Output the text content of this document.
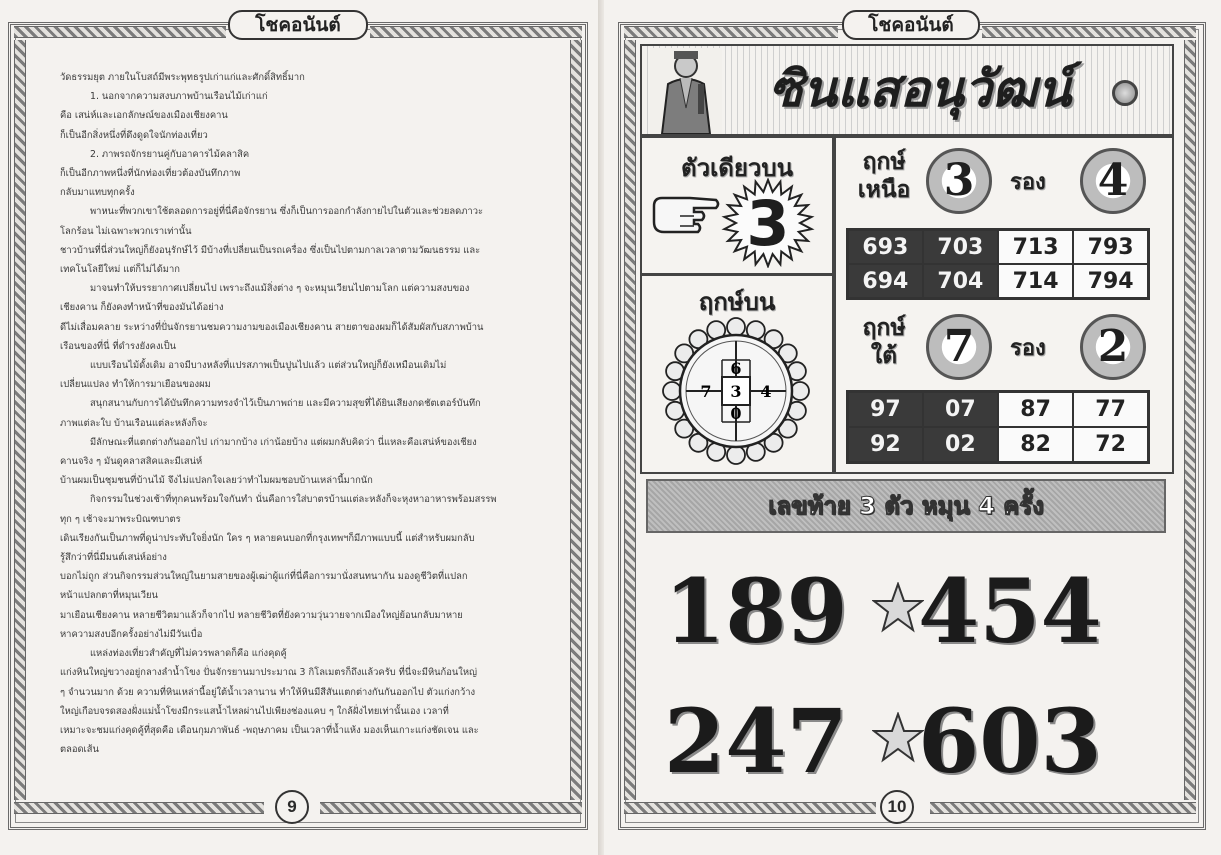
โชคอนันต์

วัดธรรมยุต ภายในโบสถ์มีพระพุทธรูปเก่าแก่และศักดิ์สิทธิ์มาก

1. นอกจากความสงบภาพบ้านเรือนไม้เก่าแก่

คือ เสน่ห์และเอกลักษณ์ของเมืองเชียงคาน

ก็เป็นอีกสิ่งหนึ่งที่ดึงดูดใจนักท่องเที่ยว

2. ภาพรถจักรยานคู่กับอาคารไม้คลาสิค

ก็เป็นอีกภาพหนึ่งที่นักท่องเที่ยวต้องบันทึกภาพ

กลับมาแทบทุกครั้ง

พาหนะที่พวกเขาใช้ตลอดการอยู่ที่นี่คือจักรยาน ซึ่งก็เป็นการออกกำลังกายไปในตัวและช่วยลดภาวะ

โลกร้อน ไม่เฉพาะพวกเราเท่านั้น

ชาวบ้านที่นี่ส่วนใหญ่ก็ยังอนุรักษ์ไว้ มีบ้างที่เปลี่ยนเป็นรถเครื่อง ซึ่งเป็นไปตามกาลเวลาตามวัฒนธรรม และ

เทคโนโลยีใหม่ แต่ก็ไม่ได้มาก

มาจนทำให้บรรยากาศเปลี่ยนไป เพราะถึงแม้สิ่งต่าง ๆ จะหมุนเวียนไปตามโลก แต่ความสงบของ

เชียงคาน ก็ยังคงทำหน้าที่ของมันได้อย่าง

ดีไม่เสื่อมคลาย ระหว่างที่ปั่นจักรยานชมความงามของเมืองเชียงคาน สายตาของผมก็ได้สัมผัสกับสภาพบ้าน

เรือนของที่นี่ ที่ดำรงยังคงเป็น

แบบเรือนไม้ดั้งเดิม อาจมีบางหลังที่แปรสภาพเป็นปูนไปแล้ว แต่ส่วนใหญ่ก็ยังเหมือนเดิมไม่

เปลี่ยนแปลง ทำให้การมาเยือนของผม

สนุกสนานกับการได้บันทึกความทรงจำไว้เป็นภาพถ่าย และมีความสุขที่ได้ยินเสียงกดชัตเตอร์บันทึก

ภาพแต่ละใบ บ้านเรือนแต่ละหลังก็จะ

มีลักษณะที่แตกต่างกันออกไป เก่ามากบ้าง เก่าน้อยบ้าง แต่ผมกลับคิดว่า นี่แหละคือเสน่ห์ของเชียง

คานจริง ๆ มันดูคลาสสิคและมีเสน่ห์

บ้านผมเป็นชุมชนที่บ้านไม้ จึงไม่แปลกใจเลยว่าทำไมผมชอบบ้านเหล่านี้มากนัก

กิจกรรมในช่วงเช้าที่ทุกคนพร้อมใจกันทำ นั่นคือการใส่บาตรบ้านแต่ละหลังก็จะหุงหาอาหารพร้อมสรรพ

ทุก ๆ เช้าจะมาพระบิณฑบาตร

เดินเรียงกันเป็นภาพที่ดูน่าประทับใจยิ่งนัก ใคร ๆ หลายคนบอกที่กรุงเทพฯก็มีภาพแบบนี้ แต่สำหรับผมกลับ

รู้สึกว่าที่นี่มีมนต์เสน่ห์อย่าง

บอกไม่ถูก ส่วนกิจกรรมส่วนใหญ่ในยามสายของผู้เฒ่าผู้แก่ที่นี่คือการมานั่งสนทนากัน มองดูชีวิตที่แปลก

หน้าแปลกตาที่หมุนเวียน

มาเยือนเชียงคาน หลายชีวิตมาแล้วก็จากไป หลายชีวิตที่ยังความวุ่นวายจากเมืองใหญ่ย้อนกลับมาหาย

หาความสงบอีกครั้งอย่างไม่มีวันเบื่อ

แหล่งท่องเที่ยวสำคัญที่ไม่ควรพลาดก็คือ แก่งคุดคู้

แก่งหินใหญ่ขวางอยู่กลางลำน้ำโขง ปั่นจักรยานมาประมาณ 3 กิโลเมตรก็ถึงแล้วครับ ที่นี่จะมีหินก้อนใหญ่

ๆ จำนวนมาก ด้วย ความที่หินเหล่านี้อยู่ใต้น้ำเวลานาน ทำให้หินมีสีสันแตกต่างกันกันออกไป ตัวแก่งกว้าง

ใหญ่เกือบจรดสองฝั่งแม่น้ำโขงมีกระแสน้ำไหลผ่านไปเพียงช่องแคบ ๆ ใกล้ฝั่งไทยเท่านั้นเอง เวลาที่

เหมาะจะชมแก่งคุดคู้ที่สุดคือ เดือนกุมภาพันธ์ -พฤษภาคม เป็นเวลาที่น้ำแห้ง มองเห็นเกาะแก่งชัดเจน และ

ตลอดเส้น

9
โชคอนันต์
ซินแสอนุวัฒน์
ตัวเดียวบน
3
ฤกษ์บน
6
7 3 4
0
ฤกษ์
เหนือ 3	รอง	4
693	703	713	793
694	704	714	794
ฤกษ์
ใต้	7	รอง	2
97	07	87	77
92	02	82	72
เลขท้าย 3 ตัว หมุน 4 ครั้ง
189 454
247 603
10
